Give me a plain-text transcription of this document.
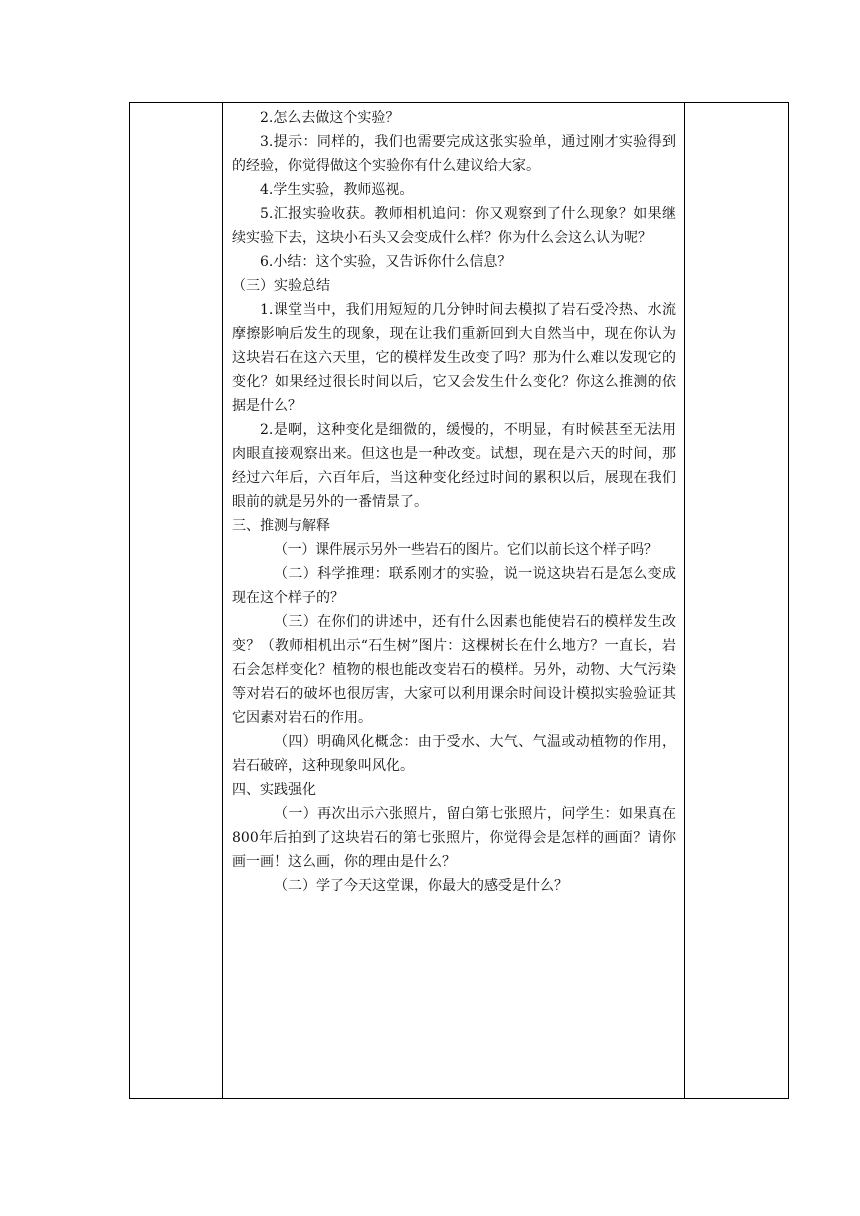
2.怎么去做这个实验？

3.提示：同样的，我们也需要完成这张实验单，通过刚才实验得到的经验，你觉得做这个实验你有什么建议给大家。

4.学生实验，教师巡视。

5.汇报实验收获。教师相机追问：你又观察到了什么现象？如果继续实验下去，这块小石头又会变成什么样？你为什么会这么认为呢？

6.小结：这个实验，又告诉你什么信息？

（三）实验总结

1.课堂当中，我们用短短的几分钟时间去模拟了岩石受冷热、水流摩擦影响后发生的现象，现在让我们重新回到大自然当中，现在你认为这块岩石在这六天里，它的模样发生改变了吗？那为什么难以发现它的变化？如果经过很长时间以后，它又会发生什么变化？你这么推测的依据是什么？

2.是啊，这种变化是细微的，缓慢的，不明显，有时候甚至无法用肉眼直接观察出来。但这也是一种改变。试想，现在是六天的时间，那经过六年后，六百年后，当这种变化经过时间的累积以后，展现在我们眼前的就是另外的一番情景了。

三、推测与解释

（一）课件展示另外一些岩石的图片。它们以前长这个样子吗？

（二）科学推理：联系刚才的实验，说一说这块岩石是怎么变成现在这个样子的？

（三）在你们的讲述中，还有什么因素也能使岩石的模样发生改变？（教师相机出示“石生树”图片：这棵树长在什么地方？一直长，岩石会怎样变化？植物的根也能改变岩石的模样。另外，动物、大气污染等对岩石的破坏也很厉害，大家可以利用课余时间设计模拟实验验证其它因素对岩石的作用。

（四）明确风化概念：由于受水、大气、气温或动植物的作用，岩石破碎，这种现象叫风化。

四、实践强化

（一）再次出示六张照片，留白第七张照片，问学生：如果真在800年后拍到了这块岩石的第七张照片，你觉得会是怎样的画面？请你画一画！这么画，你的理由是什么？

（二）学了今天这堂课，你最大的感受是什么？
